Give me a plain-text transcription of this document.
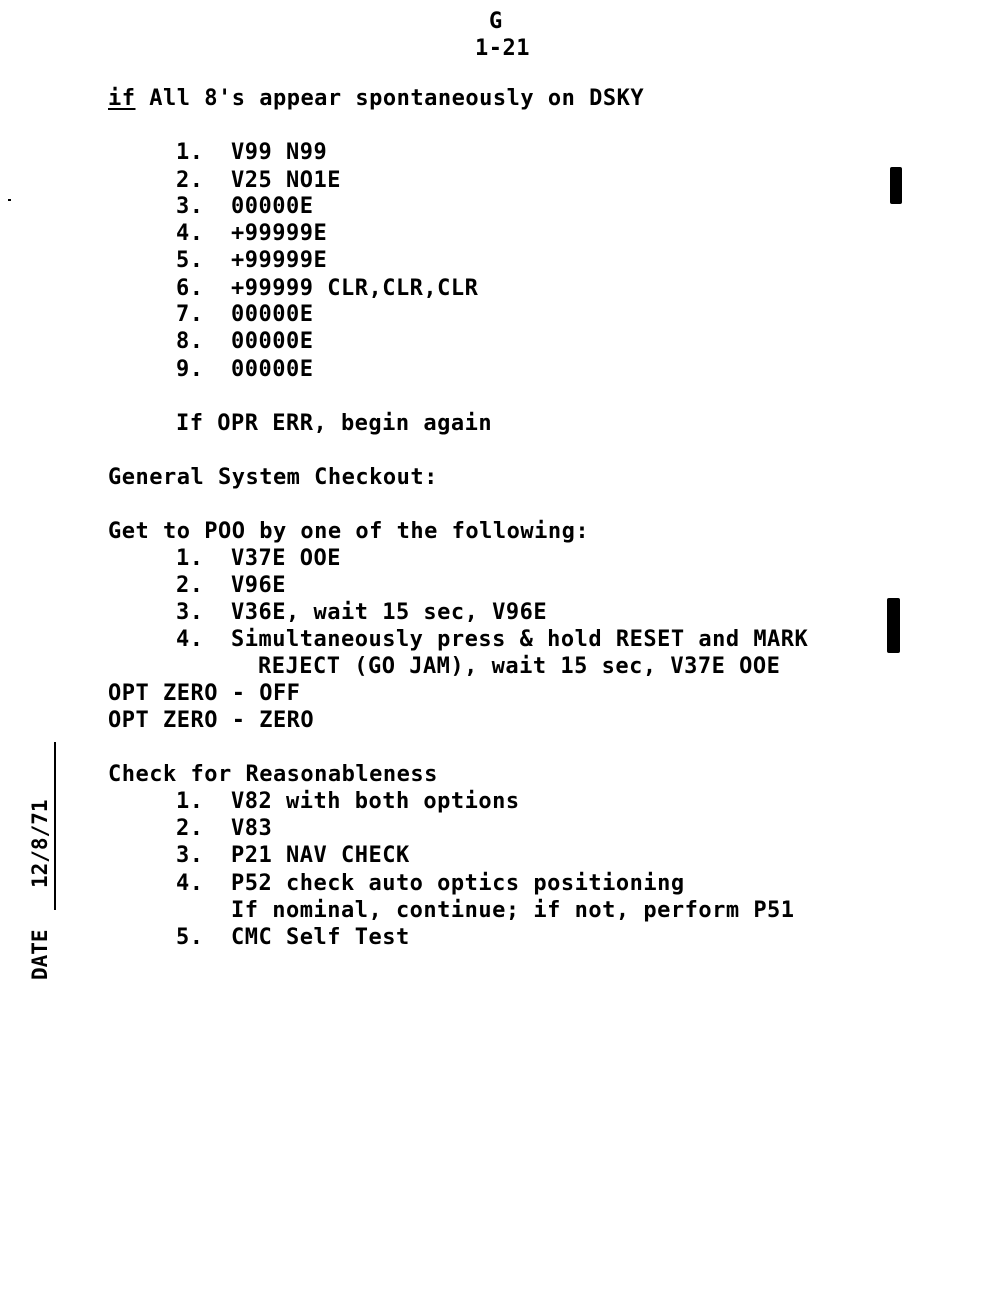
G
1-21
if All 8's appear spontaneously on DSKY
1. V99 N99
2. V25 NO1E
3. 00000E
4. +99999E
5. +99999E
6. +99999 CLR,CLR,CLR
7. 00000E
8. 00000E
9. 00000E
If OPR ERR, begin again
General System Checkout:
Get to POO by one of the following:
1. V37E OOE
2. V96E
3. V36E, wait 15 sec, V96E
4. Simultaneously press & hold RESET and MARK
REJECT (GO JAM), wait 15 sec, V37E OOE
OPT ZERO - OFF
OPT ZERO - ZERO
Check for Reasonableness
1. V82 with both options
2. V83
3. P21 NAV CHECK
4. P52 check auto optics positioning
If nominal, continue; if not, perform P51
5. CMC Self Test
DATE
12/8/71
